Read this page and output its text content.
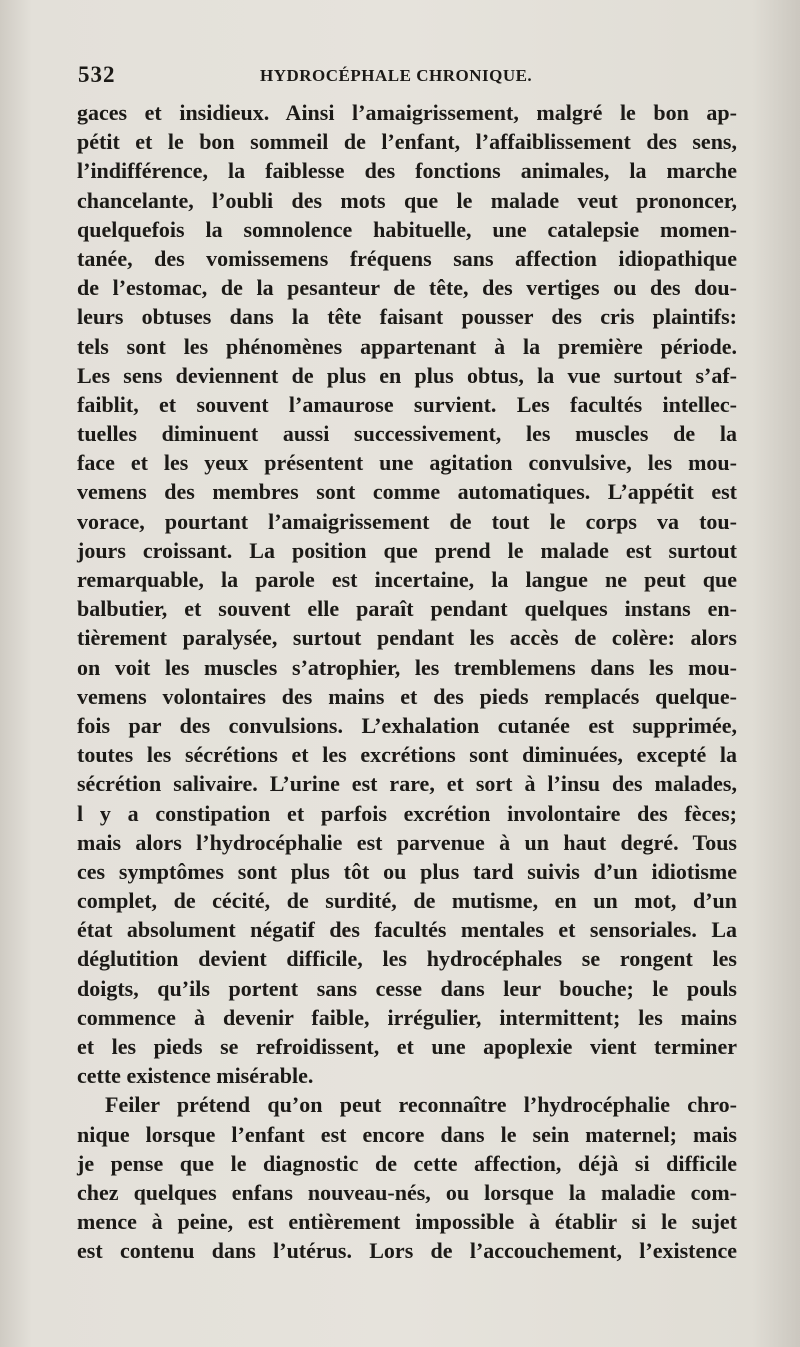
532	HYDROCÉPHALE CHRONIQUE.
gaces et insidieux. Ainsi l’amaigrissement, malgré le bon ap-
pétit et le bon sommeil de l’enfant, l’affaiblissement des sens,
l’indifférence, la faiblesse des fonctions animales, la marche
chancelante, l’oubli des mots que le malade veut prononcer,
quelquefois la somnolence habituelle, une catalepsie momen-
tanée, des vomissemens fréquens sans affection idiopathique
de l’estomac, de la pesanteur de tête, des vertiges ou des dou-
leurs obtuses dans la tête faisant pousser des cris plaintifs:
tels sont les phénomènes appartenant à la première période.
Les sens deviennent de plus en plus obtus, la vue surtout s’af-
faiblit, et souvent l’amaurose survient. Les facultés intellec-
tuelles diminuent aussi successivement, les muscles de la
face et les yeux présentent une agitation convulsive, les mou-
vemens des membres sont comme automatiques. L’appétit est
vorace, pourtant l’amaigrissement de tout le corps va tou-
jours croissant. La position que prend le malade est surtout
remarquable, la parole est incertaine, la langue ne peut que
balbutier, et souvent elle paraît pendant quelques instans en-
tièrement paralysée, surtout pendant les accès de colère: alors
on voit les muscles s’atrophier, les tremblemens dans les mou-
vemens volontaires des mains et des pieds remplacés quelque-
fois par des convulsions. L’exhalation cutanée est supprimée,
toutes les sécrétions et les excrétions sont diminuées, excepté la
sécrétion salivaire. L’urine est rare, et sort à l’insu des malades,
l y a constipation et parfois excrétion involontaire des fèces;
mais alors l’hydrocéphalie est parvenue à un haut degré. Tous
ces symptômes sont plus tôt ou plus tard suivis d’un idiotisme
complet, de cécité, de surdité, de mutisme, en un mot, d’un
état absolument négatif des facultés mentales et sensoriales. La
déglutition devient difficile, les hydrocéphales se rongent les
doigts, qu’ils portent sans cesse dans leur bouche; le pouls
commence à devenir faible, irrégulier, intermittent; les mains
et les pieds se refroidissent, et une apoplexie vient terminer
cette existence misérable.
Feiler prétend qu’on peut reconnaître l’hydrocéphalie chro-
nique lorsque l’enfant est encore dans le sein maternel; mais
je pense que le diagnostic de cette affection, déjà si difficile
chez quelques enfans nouveau-nés, ou lorsque la maladie com-
mence à peine, est entièrement impossible à établir si le sujet
est contenu dans l’utérus. Lors de l’accouchement, l’existence
